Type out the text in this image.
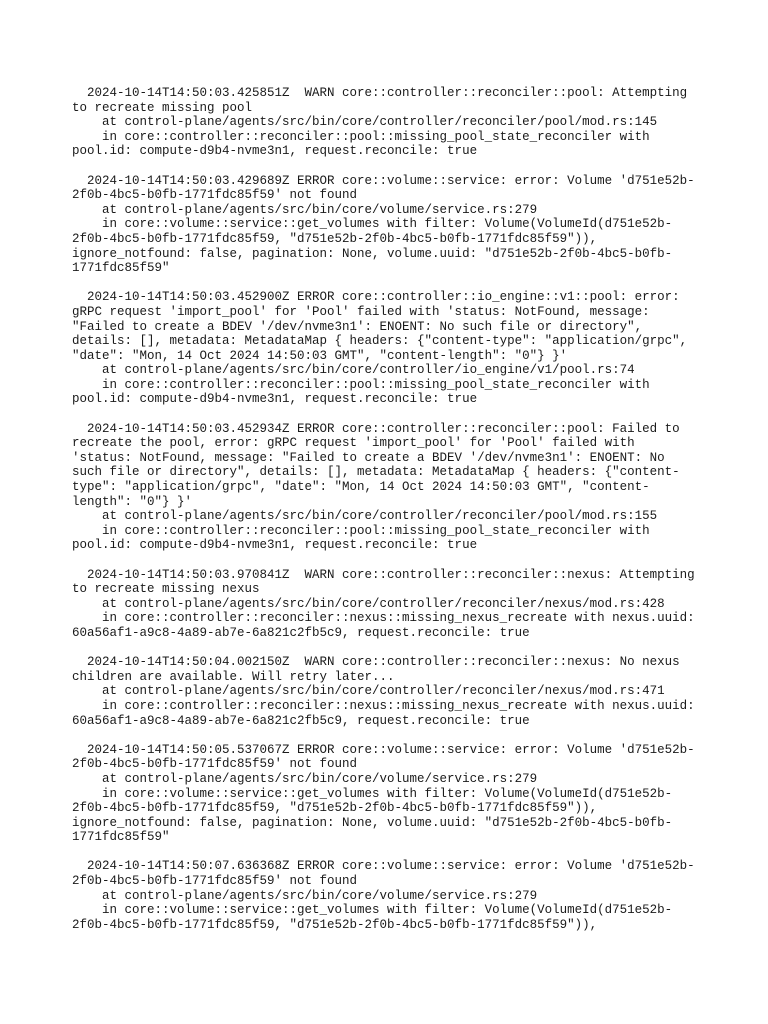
2024-10-14T14:50:03.425851Z  WARN core::controller::reconciler::pool: Attempting
to recreate missing pool
at control-plane/agents/src/bin/core/controller/reconciler/pool/mod.rs:145
in core::controller::reconciler::pool::missing_pool_state_reconciler with
pool.id: compute-d9b4-nvme3n1, request.reconcile: true
2024-10-14T14:50:03.429689Z ERROR core::volume::service: error: Volume 'd751e52b-
2f0b-4bc5-b0fb-1771fdc85f59' not found
at control-plane/agents/src/bin/core/volume/service.rs:279
in core::volume::service::get_volumes with filter: Volume(VolumeId(d751e52b-
2f0b-4bc5-b0fb-1771fdc85f59, "d751e52b-2f0b-4bc5-b0fb-1771fdc85f59")),
ignore_notfound: false, pagination: None, volume.uuid: "d751e52b-2f0b-4bc5-b0fb-
1771fdc85f59"
2024-10-14T14:50:03.452900Z ERROR core::controller::io_engine::v1::pool: error:
gRPC request 'import_pool' for 'Pool' failed with 'status: NotFound, message:
"Failed to create a BDEV '/dev/nvme3n1': ENOENT: No such file or directory",
details: [], metadata: MetadataMap { headers: {"content-type": "application/grpc",
"date": "Mon, 14 Oct 2024 14:50:03 GMT", "content-length": "0"} }'
at control-plane/agents/src/bin/core/controller/io_engine/v1/pool.rs:74
in core::controller::reconciler::pool::missing_pool_state_reconciler with
pool.id: compute-d9b4-nvme3n1, request.reconcile: true
2024-10-14T14:50:03.452934Z ERROR core::controller::reconciler::pool: Failed to
recreate the pool, error: gRPC request 'import_pool' for 'Pool' failed with
'status: NotFound, message: "Failed to create a BDEV '/dev/nvme3n1': ENOENT: No
such file or directory", details: [], metadata: MetadataMap { headers: {"content-
type": "application/grpc", "date": "Mon, 14 Oct 2024 14:50:03 GMT", "content-
length": "0"} }'
at control-plane/agents/src/bin/core/controller/reconciler/pool/mod.rs:155
in core::controller::reconciler::pool::missing_pool_state_reconciler with
pool.id: compute-d9b4-nvme3n1, request.reconcile: true
2024-10-14T14:50:03.970841Z  WARN core::controller::reconciler::nexus: Attempting
to recreate missing nexus
at control-plane/agents/src/bin/core/controller/reconciler/nexus/mod.rs:428
in core::controller::reconciler::nexus::missing_nexus_recreate with nexus.uuid:
60a56af1-a9c8-4a89-ab7e-6a821c2fb5c9, request.reconcile: true
2024-10-14T14:50:04.002150Z  WARN core::controller::reconciler::nexus: No nexus
children are available. Will retry later...
at control-plane/agents/src/bin/core/controller/reconciler/nexus/mod.rs:471
in core::controller::reconciler::nexus::missing_nexus_recreate with nexus.uuid:
60a56af1-a9c8-4a89-ab7e-6a821c2fb5c9, request.reconcile: true
2024-10-14T14:50:05.537067Z ERROR core::volume::service: error: Volume 'd751e52b-
2f0b-4bc5-b0fb-1771fdc85f59' not found
at control-plane/agents/src/bin/core/volume/service.rs:279
in core::volume::service::get_volumes with filter: Volume(VolumeId(d751e52b-
2f0b-4bc5-b0fb-1771fdc85f59, "d751e52b-2f0b-4bc5-b0fb-1771fdc85f59")),
ignore_notfound: false, pagination: None, volume.uuid: "d751e52b-2f0b-4bc5-b0fb-
1771fdc85f59"
2024-10-14T14:50:07.636368Z ERROR core::volume::service: error: Volume 'd751e52b-
2f0b-4bc5-b0fb-1771fdc85f59' not found
at control-plane/agents/src/bin/core/volume/service.rs:279
in core::volume::service::get_volumes with filter: Volume(VolumeId(d751e52b-
2f0b-4bc5-b0fb-1771fdc85f59, "d751e52b-2f0b-4bc5-b0fb-1771fdc85f59")),
